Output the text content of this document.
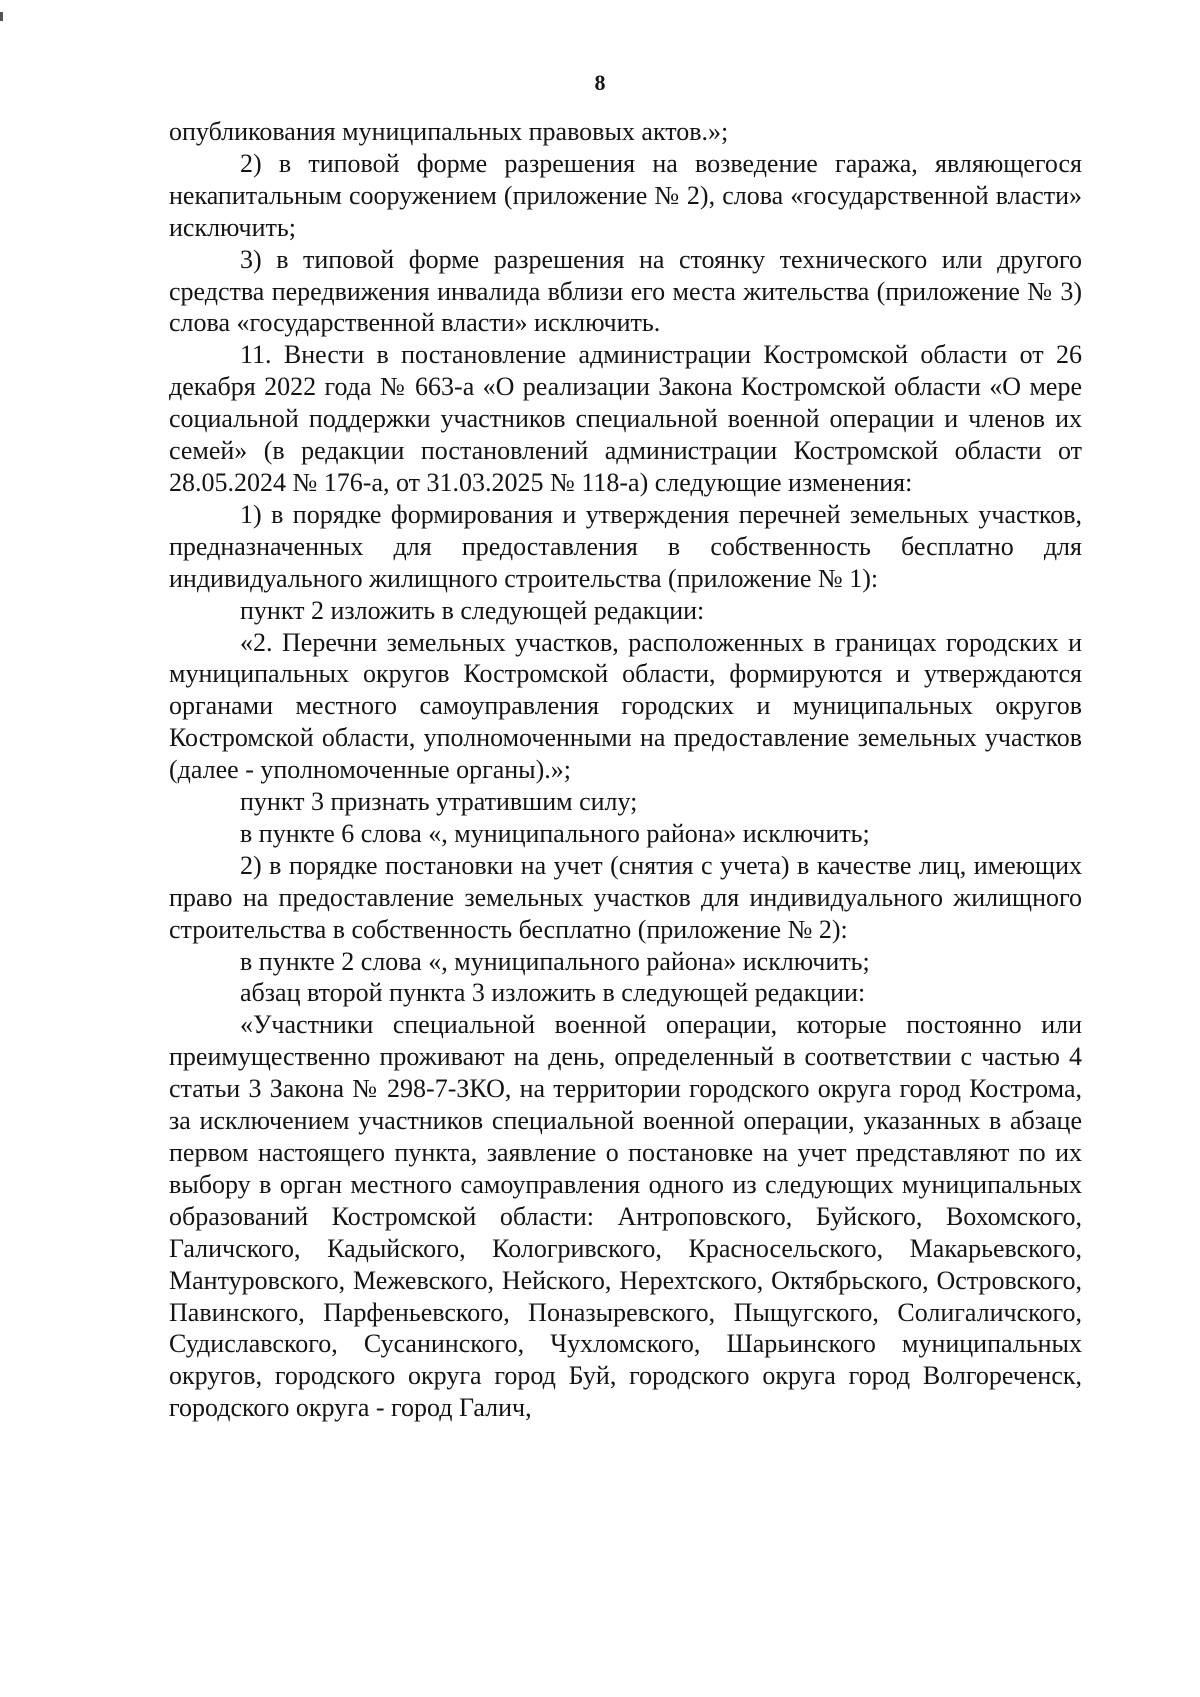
8

опубликования муниципальных правовых актов.»;

2) в типовой форме разрешения на возведение гаража, являющегося некапитальным сооружением (приложение № 2), слова «государственной власти» исключить;

3) в типовой форме разрешения на стоянку технического или другого средства передвижения инвалида вблизи его места жительства (приложение № 3) слова «государственной власти» исключить.

11. Внести в постановление администрации Костромской области от 26 декабря 2022 года № 663-а «О реализации Закона Костромской области «О мере социальной поддержки участников специальной военной операции и членов их семей» (в редакции постановлений администрации Костромской области от 28.05.2024 № 176-а, от 31.03.2025 № 118-а) следующие изменения:

1) в порядке формирования и утверждения перечней земельных участков, предназначенных для предоставления в собственность бесплатно для индивидуального жилищного строительства (приложение № 1):

пункт 2 изложить в следующей редакции:

«2. Перечни земельных участков, расположенных в границах городских и муниципальных округов Костромской области, формируются и утверждаются органами местного самоуправления городских и муниципальных округов Костромской области, уполномоченными на предоставление земельных участков (далее - уполномоченные органы).»;

пункт 3 признать утратившим силу;

в пункте 6 слова «, муниципального района» исключить;

2) в порядке постановки на учет (снятия с учета) в качестве лиц, имеющих право на предоставление земельных участков для индивидуального жилищного строительства в собственность бесплатно (приложение № 2):

в пункте 2 слова «, муниципального района» исключить;

абзац второй пункта 3 изложить в следующей редакции:

«Участники специальной военной операции, которые постоянно или преимущественно проживают на день, определенный в соответствии с частью 4 статьи 3 Закона № 298-7-ЗКО, на территории городского округа город Кострома, за исключением участников специальной военной операции, указанных в абзаце первом настоящего пункта, заявление о постановке на учет представляют по их выбору в орган местного самоуправления одного из следующих муниципальных образований Костромской области: Антроповского, Буйского, Вохомского, Галичского, Кадыйского, Кологривского, Красносельского, Макарьевского, Мантуровского, Межевского, Нейского, Нерехтского, Октябрьского, Островского, Павинского, Парфеньевского, Поназыревского, Пыщугского, Солигаличского, Судиславского, Сусанинского, Чухломского, Шарьинского муниципальных округов, городского округа город Буй, городского округа город Волгореченск, городского округа - город Галич,
